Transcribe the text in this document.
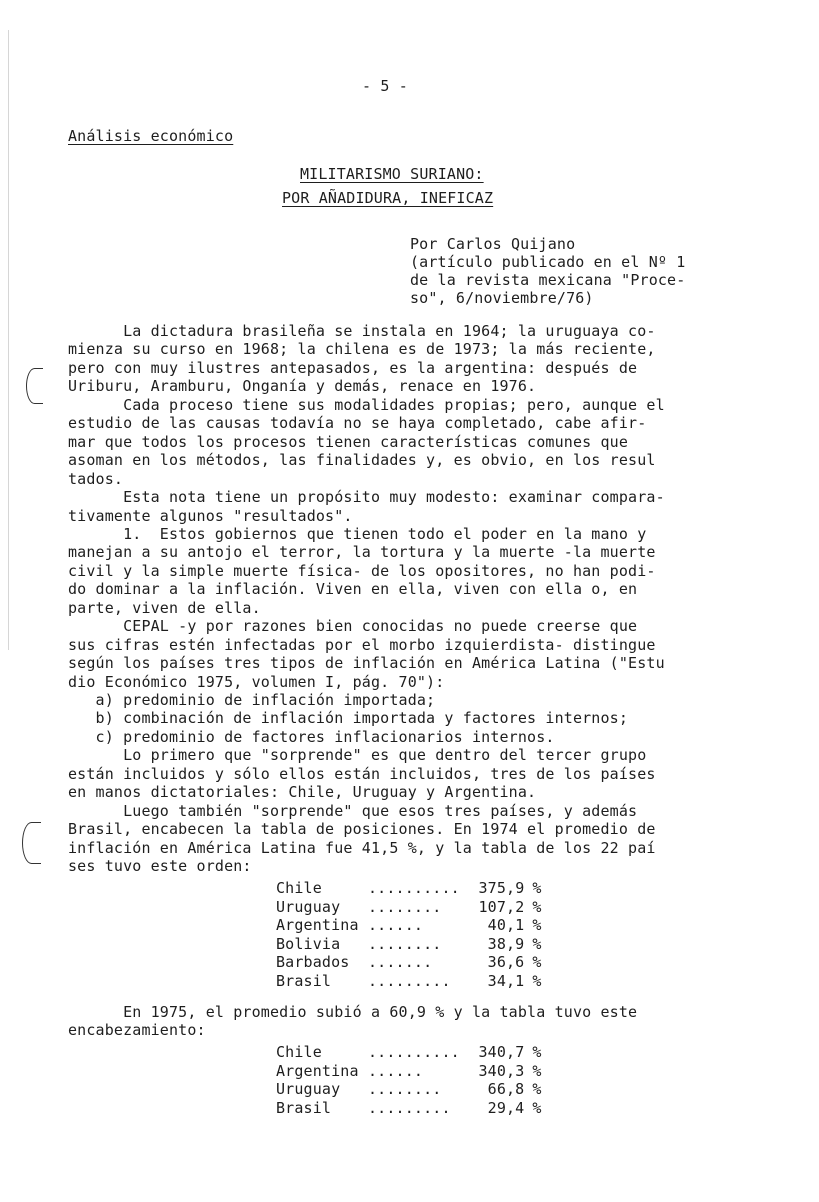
- 5 -
Análisis económico
MILITARISMO SURIANO:
POR AÑADIDURA, INEFICAZ
Por Carlos Quijano
(artículo publicado en el Nº 1
de la revista mexicana "Proce-
so", 6/noviembre/76)
La dictadura brasileña se instala en 1964; la uruguaya co-
mienza su curso en 1968; la chilena es de 1973; la más reciente,
pero con muy ilustres antepasados, es la argentina: después de
Uriburu, Aramburu, Onganía y demás, renace en 1976.
Cada proceso tiene sus modalidades propias; pero, aunque el
estudio de las causas todavía no se haya completado, cabe afir-
mar que todos los procesos tienen características comunes que
asoman en los métodos, las finalidades y, es obvio, en los resul
tados.
Esta nota tiene un propósito muy modesto: examinar compara-
tivamente algunos "resultados".
1.  Estos gobiernos que tienen todo el poder en la mano y
manejan a su antojo el terror, la tortura y la muerte -la muerte
civil y la simple muerte física- de los opositores, no han podi-
do dominar a la inflación. Viven en ella, viven con ella o, en
parte, viven de ella.
CEPAL -y por razones bien conocidas no puede creerse que
sus cifras estén infectadas por el morbo izquierdista- distingue
según los países tres tipos de inflación en América Latina ("Estu
dio Económico 1975, volumen I, pág. 70"):
a) predominio de inflación importada;
b) combinación de inflación importada y factores internos;
c) predominio de factores inflacionarios internos.
Lo primero que "sorprende" es que dentro del tercer grupo
están incluidos y sólo ellos están incluidos, tres de los países
en manos dictatoriales: Chile, Uruguay y Argentina.
Luego también "sorprende" que esos tres países, y además
Brasil, encabecen la tabla de posiciones. En 1974 el promedio de
inflación en América Latina fue 41,5 %, y la tabla de los 22 paí
ses tuvo este orden:
Chile	.......... 375,9 %
Uruguay ........ 107,2 %
Argentina ......	40,1 %
Bolivia ........	38,9 %
Barbados .......	36,6 %
Brasil ......... 34,1 %
En 1975, el promedio subió a 60,9 % y la tabla tuvo este
encabezamiento:
Chile	.......... 340,7 %
Argentina ......	340,3 %
Uruguay ........	66,8 %
Brasil ......... 29,4 %
